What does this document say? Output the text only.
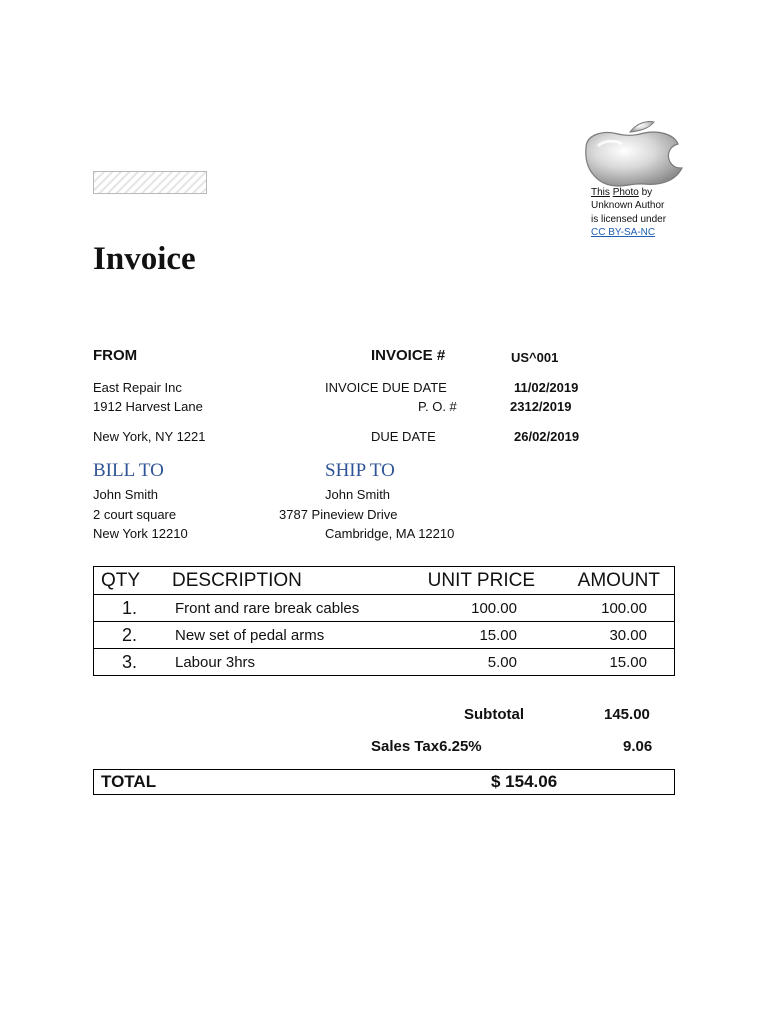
This Photo by
Unknown Author
is licensed under
CC BY-SA-NC
Invoice
FROM
East Repair Inc
1912 Harvest Lane
New York, NY 1221
INVOICE #	US^001
INVOICE DUE DATE	11/02/2019
P. O. #	2312/2019
DUE DATE	26/02/2019
BILL TO
John Smith
2 court square
New York 12210
SHIP TO
John Smith
3787 Pineview Drive
Cambridge, MA 12210
QTY	DESCRIPTION	UNIT PRICE	AMOUNT
1.	Front and rare break cables	100.00	100.00
2.	New set of pedal arms	15.00	30.00
3.	Labour 3hrs	5.00	15.00
Subtotal	145.00
Sales Tax6.25%	9.06
TOTAL	$ 154.06
